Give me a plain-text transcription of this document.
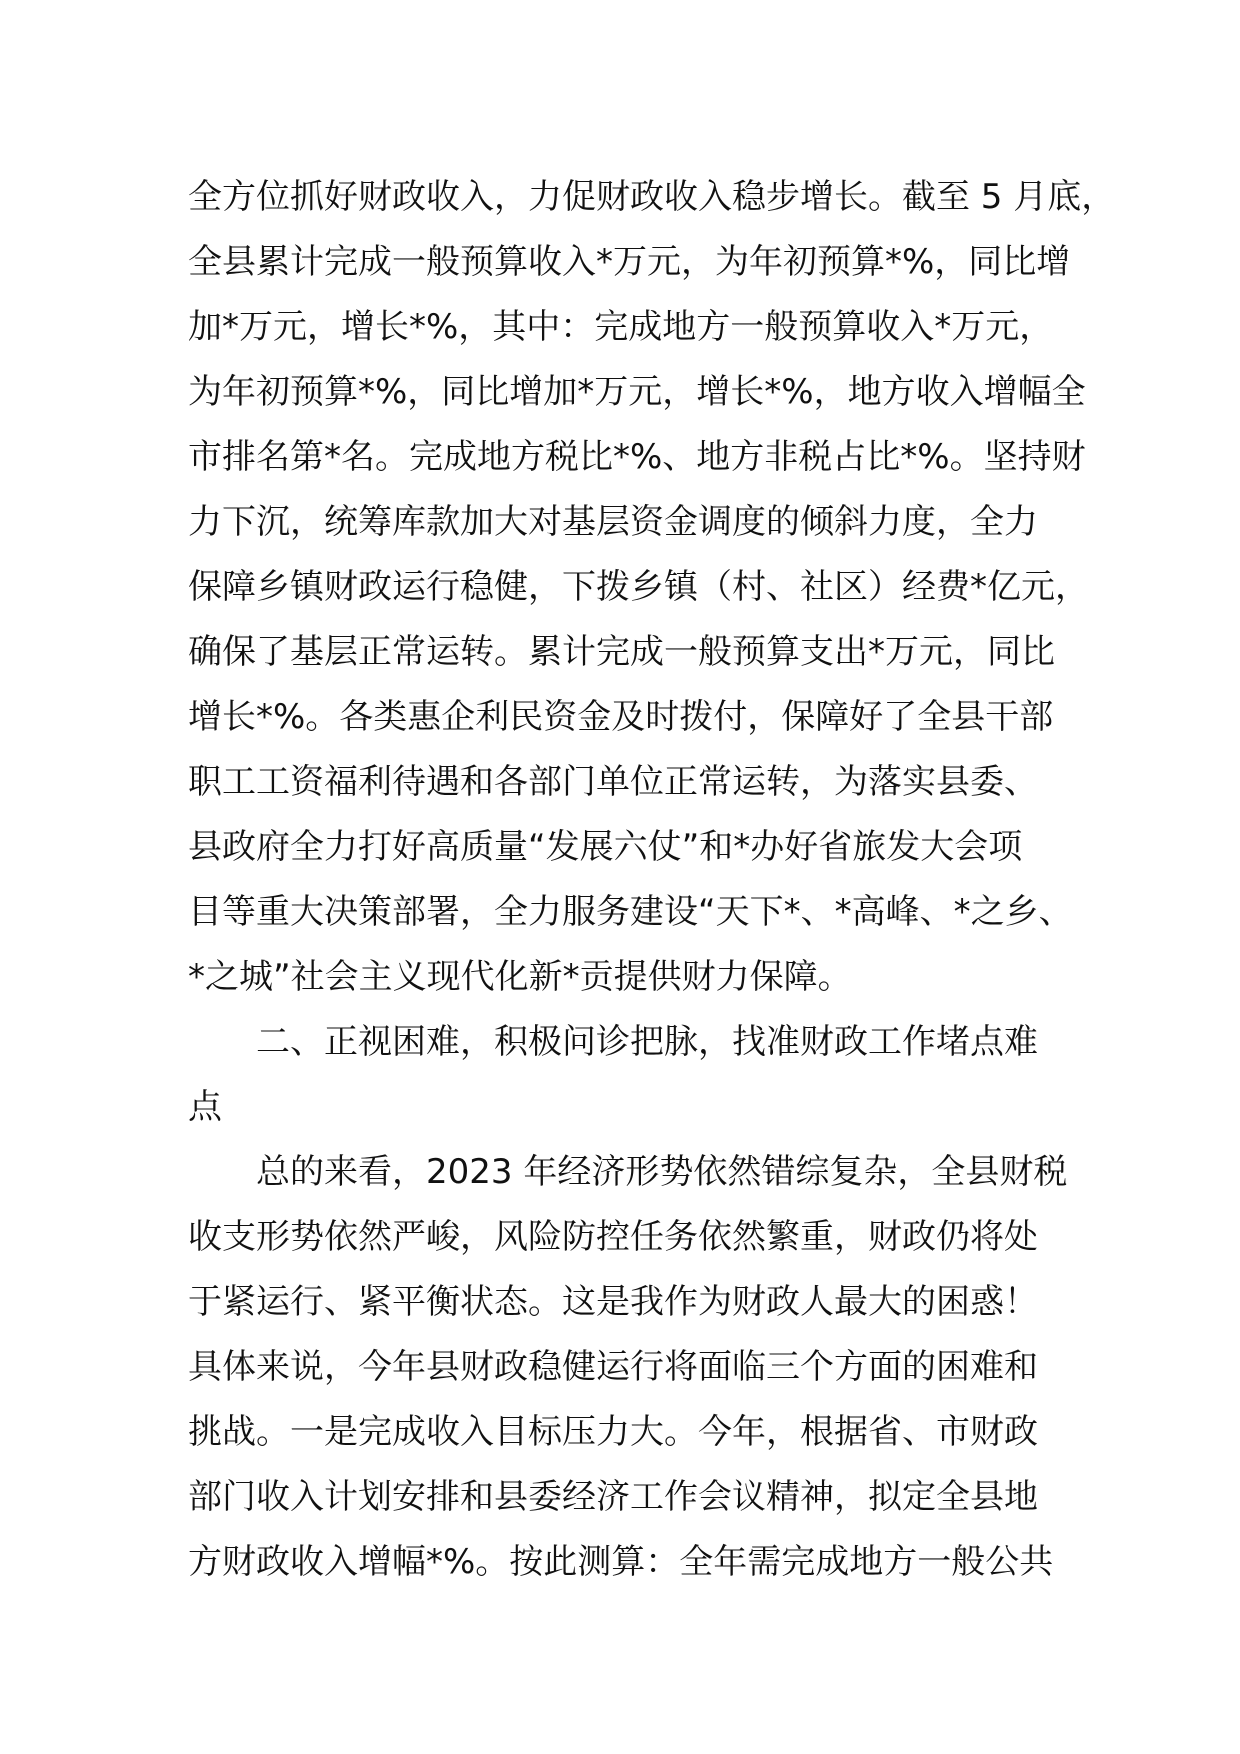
全方位抓好财政收入，力促财政收入稳步增长。截至 5 月底，
全县累计完成一般预算收入*万元，为年初预算*%，同比增
加*万元，增长*%，其中：完成地方一般预算收入*万元，
为年初预算*%，同比增加*万元，增长*%，地方收入增幅全
市排名第*名。完成地方税比*%、地方非税占比*%。坚持财
力下沉，统筹库款加大对基层资金调度的倾斜力度，全力
保障乡镇财政运行稳健，下拨乡镇（村、社区）经费*亿元，
确保了基层正常运转。累计完成一般预算支出*万元，同比
增长*%。各类惠企利民资金及时拨付，保障好了全县干部
职工工资福利待遇和各部门单位正常运转，为落实县委、
县政府全力打好高质量“发展六仗”和*办好省旅发大会项
目等重大决策部署，全力服务建设“天下*、*高峰、*之乡、
*之城”社会主义现代化新*贡提供财力保障。
二、正视困难，积极问诊把脉，找准财政工作堵点难
点
总的来看，2023 年经济形势依然错综复杂，全县财税
收支形势依然严峻，风险防控任务依然繁重，财政仍将处
于紧运行、紧平衡状态。这是我作为财政人最大的困惑！
具体来说，今年县财政稳健运行将面临三个方面的困难和
挑战。一是完成收入目标压力大。今年，根据省、市财政
部门收入计划安排和县委经济工作会议精神，拟定全县地
方财政收入增幅*%。按此测算：全年需完成地方一般公共
